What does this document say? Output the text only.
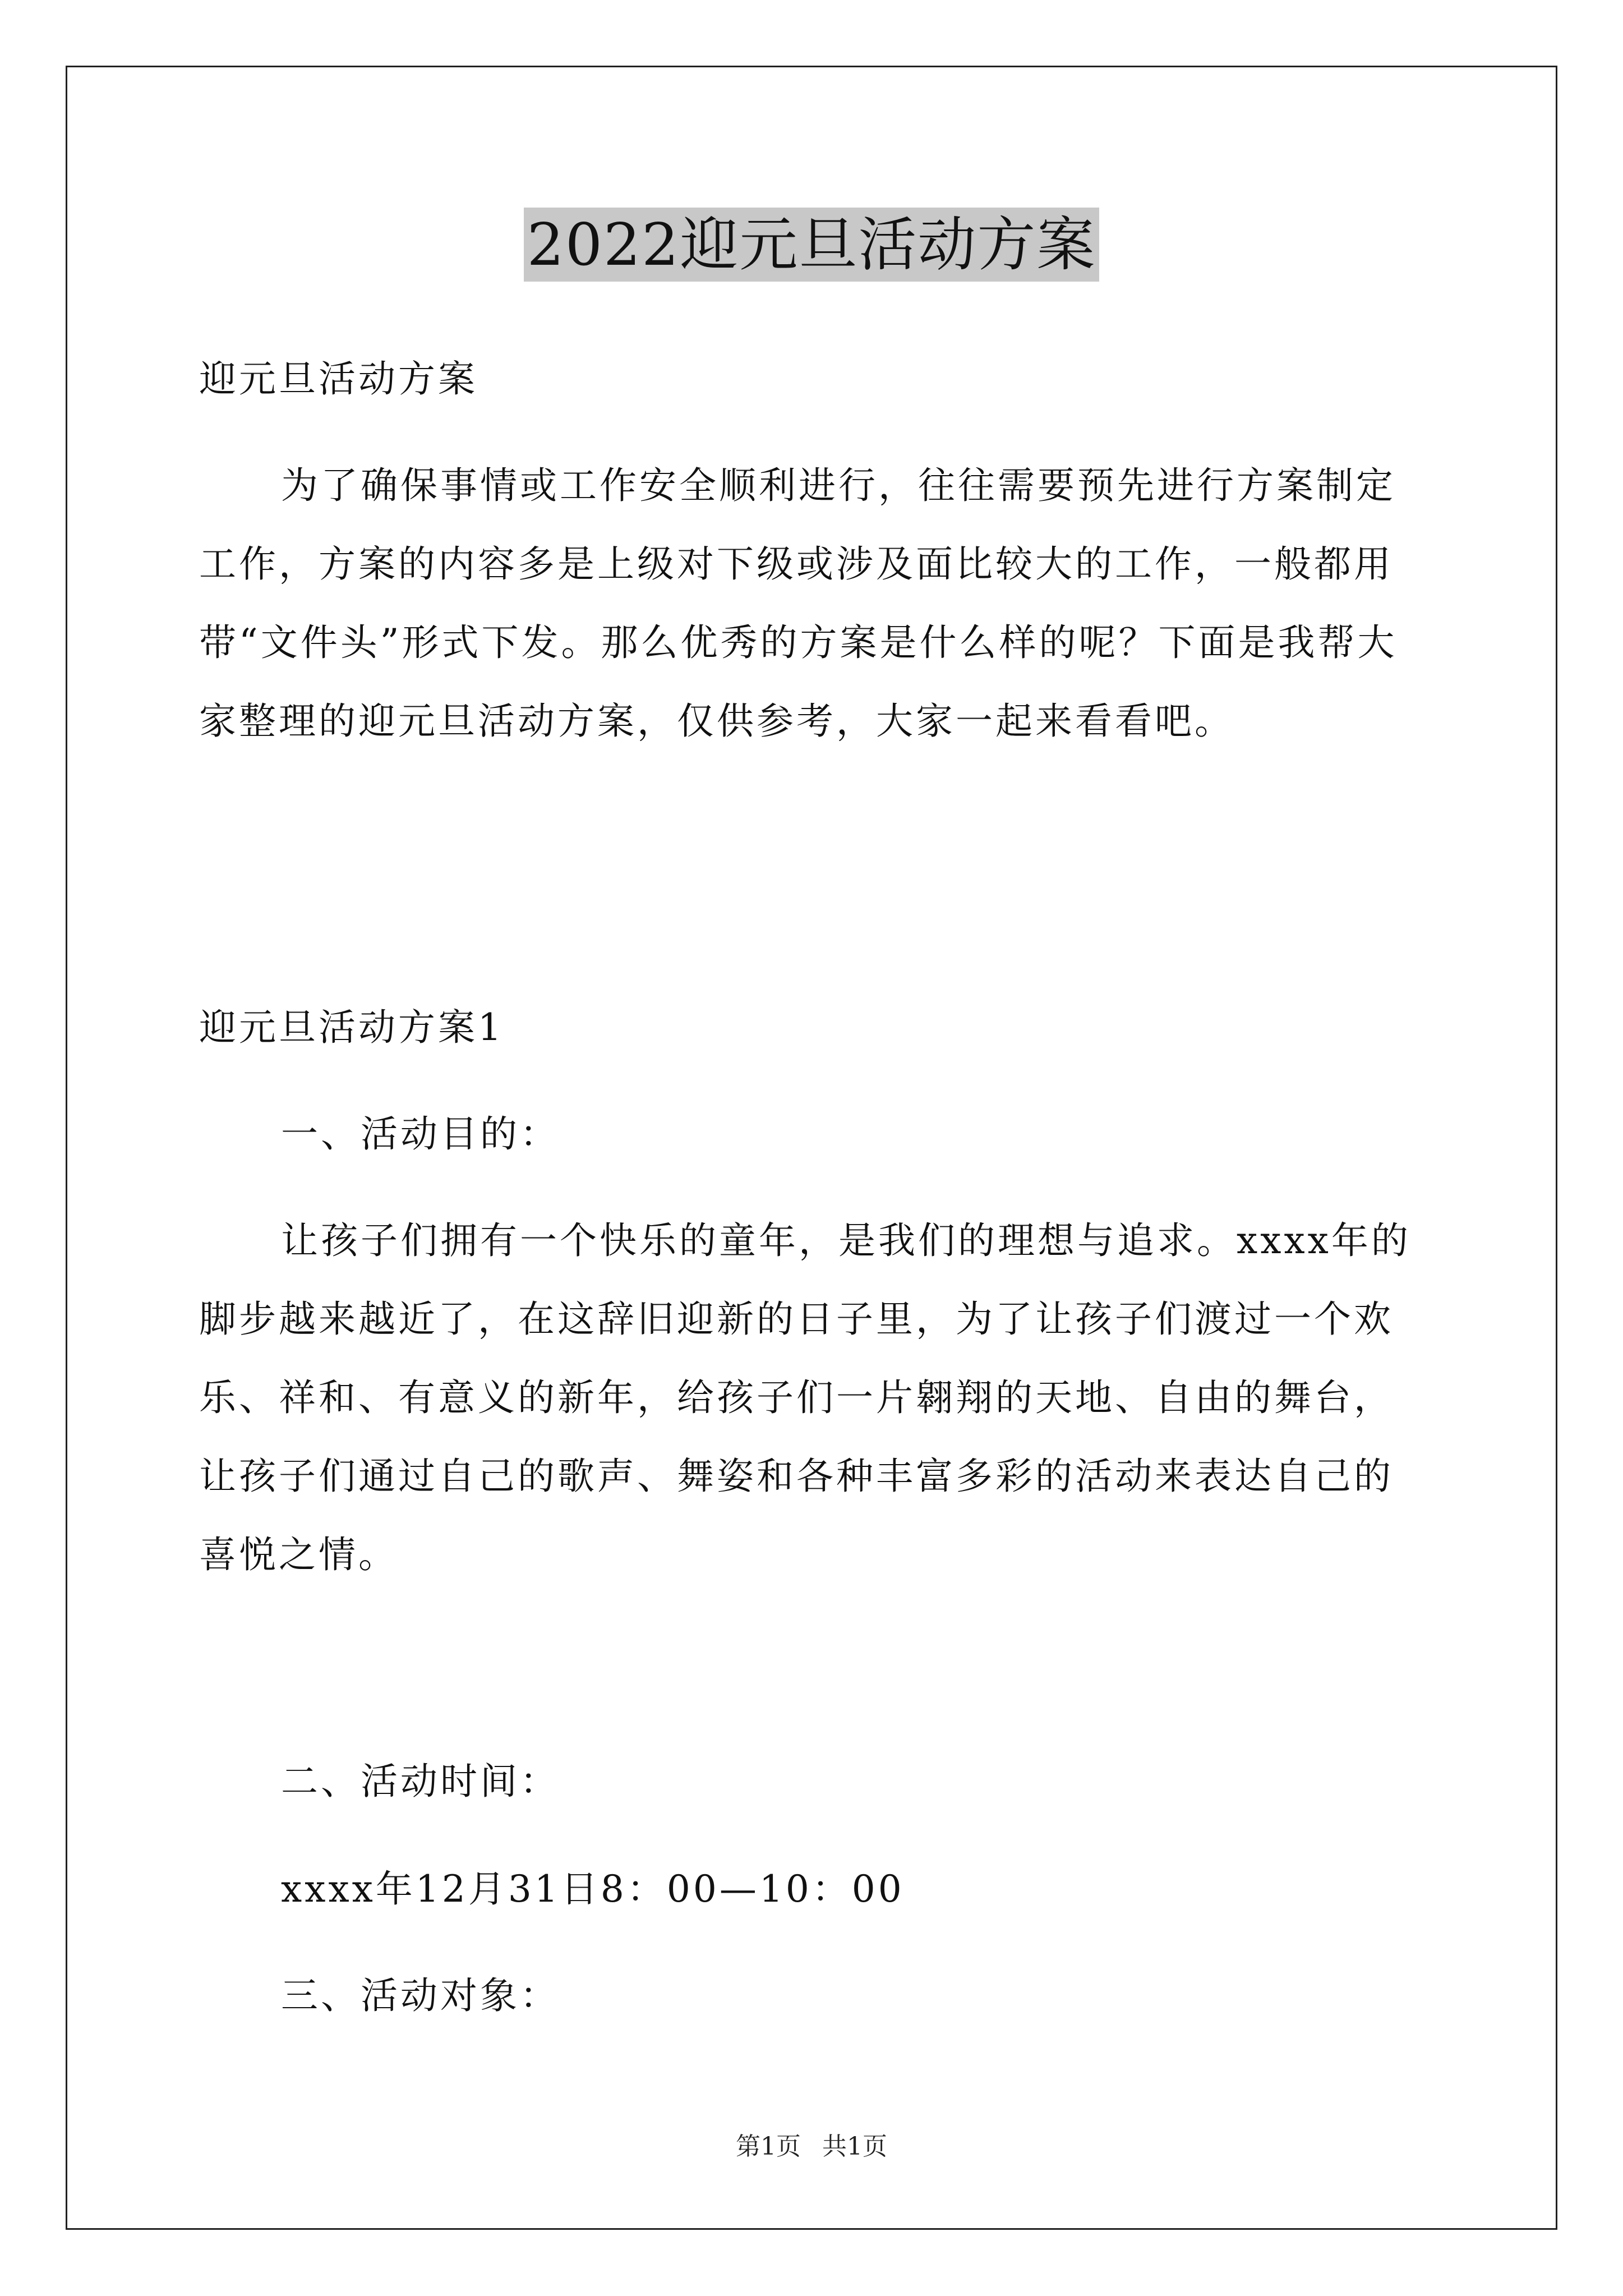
2022迎元旦活动方案

迎元旦活动方案

为了确保事情或工作安全顺利进行，往往需要预先进行方案制定工作，方案的内容多是上级对下级或涉及面比较大的工作，一般都用带“文件头”形式下发。那么优秀的方案是什么样的呢？下面是我帮大家整理的迎元旦活动方案，仅供参考，大家一起来看看吧。

迎元旦活动方案1

一、活动目的：

让孩子们拥有一个快乐的童年，是我们的理想与追求。xxxx年的脚步越来越近了，在这辞旧迎新的日子里，为了让孩子们渡过一个欢乐、祥和、有意义的新年，给孩子们一片翱翔的天地、自由的舞台，让孩子们通过自己的歌声、舞姿和各种丰富多彩的活动来表达自己的喜悦之情。

二、活动时间：

xxxx年12月31日8：00—10：00

三、活动对象：

第1页 共1页
